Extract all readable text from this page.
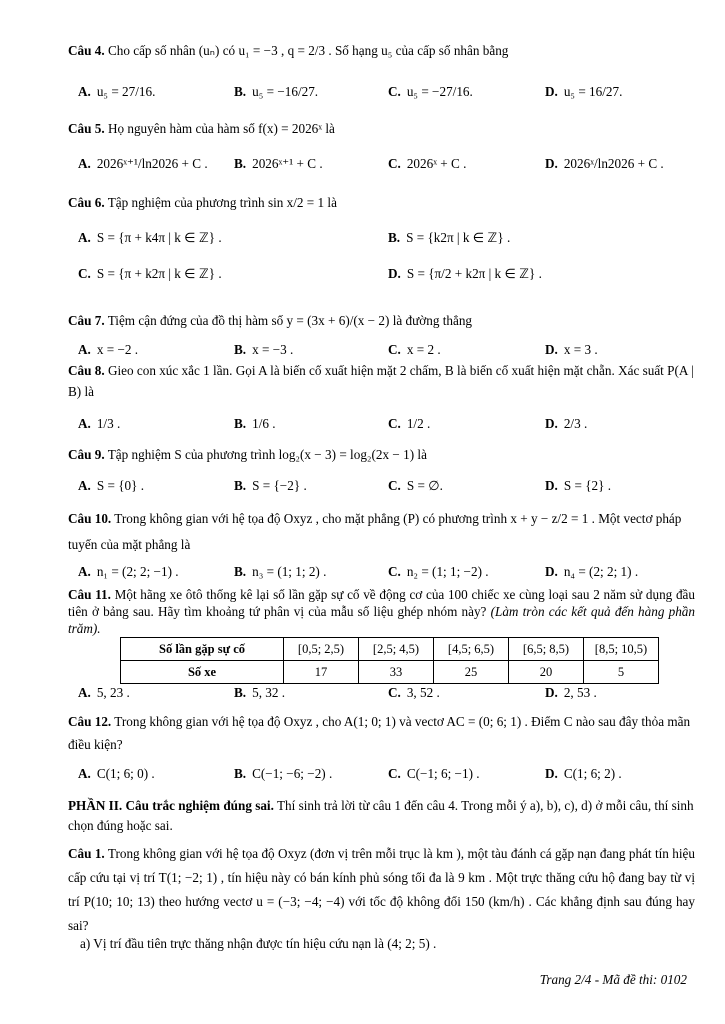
Câu 4. Cho cấp số nhân (uₙ) có u₁ = −3 , q = 2/3 . Số hạng u₅ của cấp số nhân bằng
A. u₅ = 27/16.	B. u₅ = −16/27.	C. u₅ = −27/16.	D. u₅ = 16/27.
Câu 5. Họ nguyên hàm của hàm số f(x) = 2026ˣ là
A. 2026ˣ⁺¹/ln2026 + C . B. 2026ˣ⁺¹ + C .	C. 2026ˣ + C .	D. 2026ˣ/ln2026 + C .
Câu 6. Tập nghiệm của phương trình sin x/2 = 1 là
A. S = {π + k4π | k ∈ ℤ} .	B. S = {k2π | k ∈ ℤ} .
C. S = {π + k2π | k ∈ ℤ} .	D. S = {π/2 + k2π | k ∈ ℤ} .
Câu 7. Tiệm cận đứng của đồ thị hàm số y = (3x + 6)/(x − 2) là đường thẳng
A. x = −2 .	B. x = −3 .	C. x = 2 .	D. x = 3 .
Câu 8. Gieo con xúc xắc 1 lần. Gọi A là biến cố xuất hiện mặt 2 chấm, B là biến cố xuất hiện mặt chẵn. Xác suất P(A | B) là
A. 1/3 .	B. 1/6 .	C. 1/2 .	D. 2/3 .
Câu 9. Tập nghiệm S của phương trình log₂(x − 3) = log₂(2x − 1) là
A. S = {0} .	B. S = {−2} .	C. S = ∅.	D. S = {2} .
Câu 10. Trong không gian với hệ tọa độ Oxyz , cho mặt phẳng (P) có phương trình x + y − z/2 = 1 . Một vectơ pháp tuyến của mặt phẳng là
A. n₁ = (2; 2; −1) .	B. n₃ = (1; 1; 2) .	C. n₂ = (1; 1; −2) .	D. n₄ = (2; 2; 1) .
Câu 11. Một hãng xe ôtô thống kê lại số lần gặp sự cố về động cơ của 100 chiếc xe cùng loại sau 2 năm sử dụng đầu tiên ở bảng sau. Hãy tìm khoảng tứ phân vị của mẫu số liệu ghép nhóm này? (Làm tròn các kết quả đến hàng phần trăm).
Số lần gặp sự cố	[0,5; 2,5)	[2,5; 4,5)	[4,5; 6,5)	[6,5; 8,5)	[8,5; 10,5)
Số xe	17	33	25	20	5
A. 5, 23 .	B. 5, 32 .	C. 3, 52 .	D. 2, 53 .
Câu 12. Trong không gian với hệ tọa độ Oxyz , cho A(1; 0; 1) và vectơ AC = (0; 6; 1) . Điểm C nào sau đây thỏa mãn điều kiện?
A. C(1; 6; 0) .	B. C(−1; −6; −2) .	C. C(−1; 6; −1) .	D. C(1; 6; 2) .
PHẦN II. Câu trắc nghiệm đúng sai. Thí sinh trả lời từ câu 1 đến câu 4. Trong mỗi ý a), b), c), d) ở mỗi câu, thí sinh chọn đúng hoặc sai.
Câu 1. Trong không gian với hệ tọa độ Oxyz (đơn vị trên mỗi trục là km ), một tàu đánh cá gặp nạn đang phát tín hiệu cấp cứu tại vị trí T(1; −2; 1) , tín hiệu này có bán kính phủ sóng tối đa là 9 km . Một trực thăng cứu hộ đang bay từ vị trí P(10; 10; 13) theo hướng vectơ u = (−3; −4; −4) với tốc độ không đổi 150 (km/h) . Các khẳng định sau đúng hay sai?
a) Vị trí đầu tiên trực thăng nhận được tín hiệu cứu nạn là (4; 2; 5) .
Trang 2/4 - Mã đề thi: 0102
